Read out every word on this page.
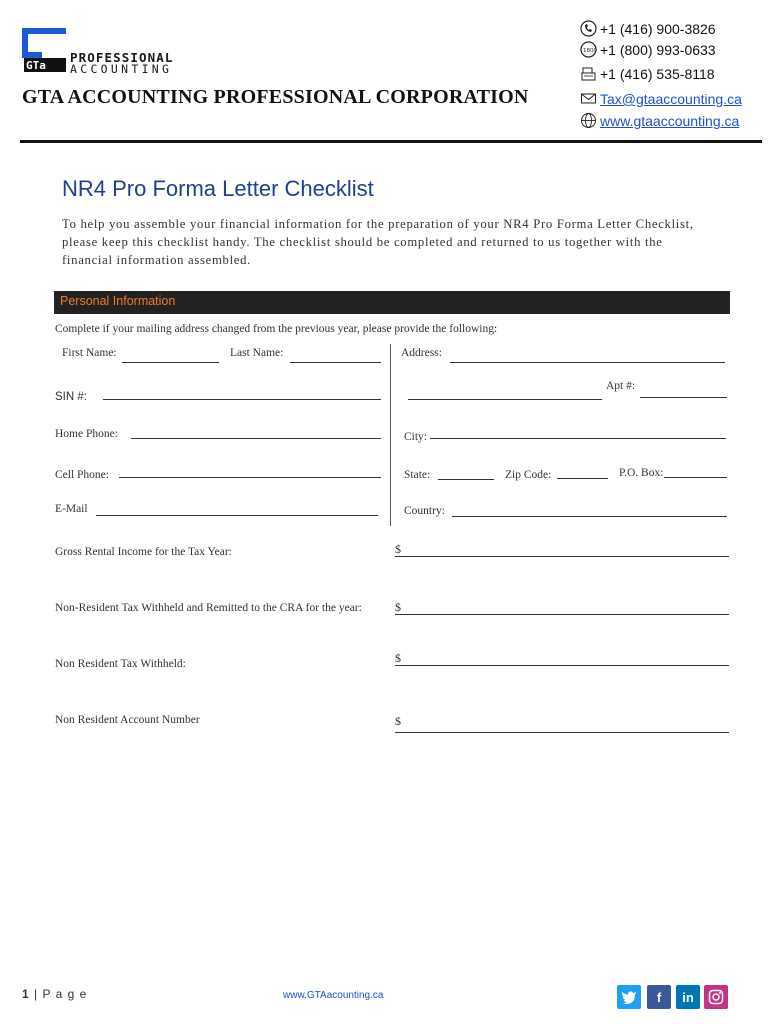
GTa
PROFESSIONAL
ACCOUNTING
GTA ACCOUNTING PROFESSIONAL CORPORATION
+1 (416) 900-3826
1800 +1 (800) 993-0633
+1 (416) 535-8118
Tax@gtaaccounting.ca
www.gtaaccounting.ca
NR4 Pro Forma Letter Checklist
To help you assemble your financial information for the preparation of your NR4 Pro Forma Letter Checklist, please keep this checklist handy. The checklist should be completed and returned to us together with the financial information assembled.
Personal Information
Complete if your mailing address changed from the previous year, please provide the following:
First Name:	Last Name:
SIN #:
Home Phone:
Cell Phone:
E-Mail
Address:
Apt #:
City:
State:	Zip Code:	P.O. Box:
Country:
Gross Rental Income for the Tax Year:	$
Non-Resident Tax Withheld and Remitted to the CRA for the year:	$
Non Resident Tax Withheld:	$
Non Resident Account Number	$
1 | P a g e	www.GTAacounting.ca	f	in
